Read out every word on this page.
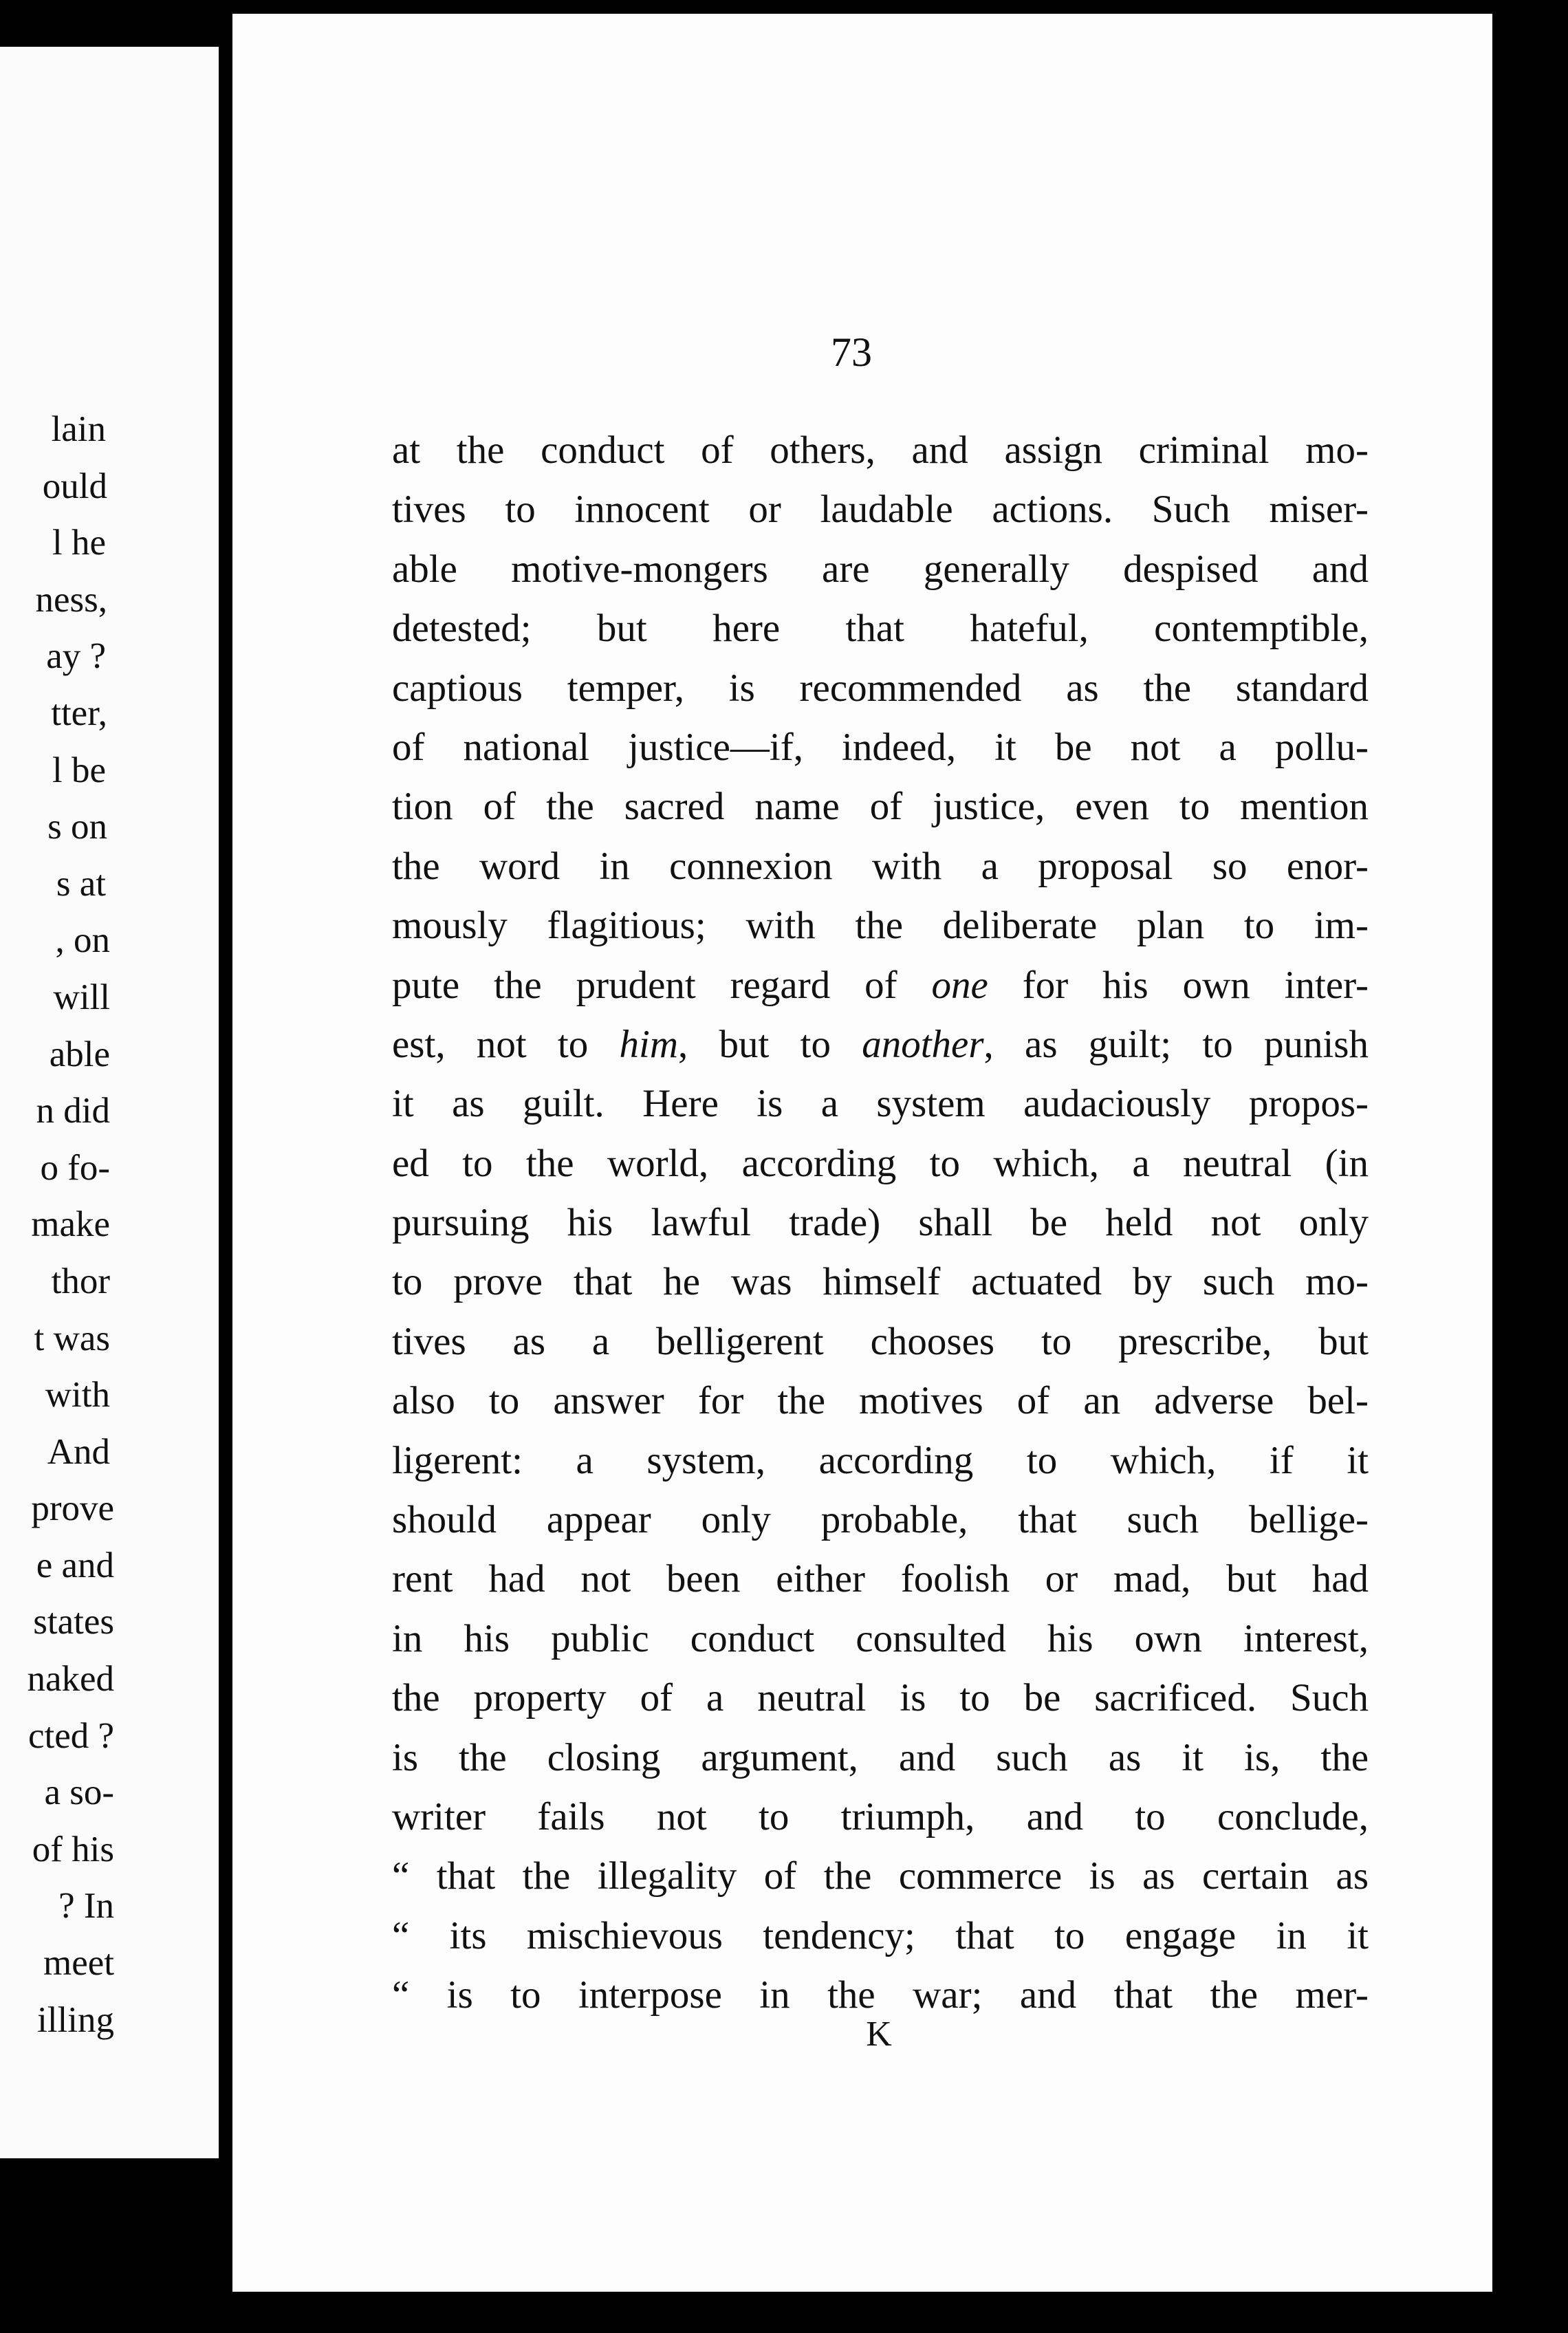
lain
ould
l he
ness,
ay ?
tter,
l be
s on
s at
, on
will
able
n did
o fo-
make
thor
t was
with
And
prove
e and
states
naked
cted ?
a so-
of his
? In
meet
illing
73
at the conduct of others, and assign criminal mo-
tives to innocent or laudable actions. Such miser-
able motive-mongers are generally despised and
detested; but here that hateful, contemptible,
captious temper, is recommended as the standard
of national justice—if, indeed, it be not a pollu-
tion of the sacred name of justice, even to mention
the word in connexion with a proposal so enor-
mously flagitious; with the deliberate plan to im-
pute the prudent regard of one for his own inter-
est, not to him, but to another, as guilt; to punish
it as guilt. Here is a system audaciously propos-
ed to the world, according to which, a neutral (in
pursuing his lawful trade) shall be held not only
to prove that he was himself actuated by such mo-
tives as a belligerent chooses to prescribe, but
also to answer for the motives of an adverse bel-
ligerent: a system, according to which, if it
should appear only probable, that such bellige-
rent had not been either foolish or mad, but had
in his public conduct consulted his own interest,
the property of a neutral is to be sacrificed. Such
is the closing argument, and such as it is, the
writer fails not to triumph, and to conclude,
“ that the illegality of the commerce is as certain as
“ its mischievous tendency; that to engage in it
“ is to interpose in the war; and that the mer-
K
